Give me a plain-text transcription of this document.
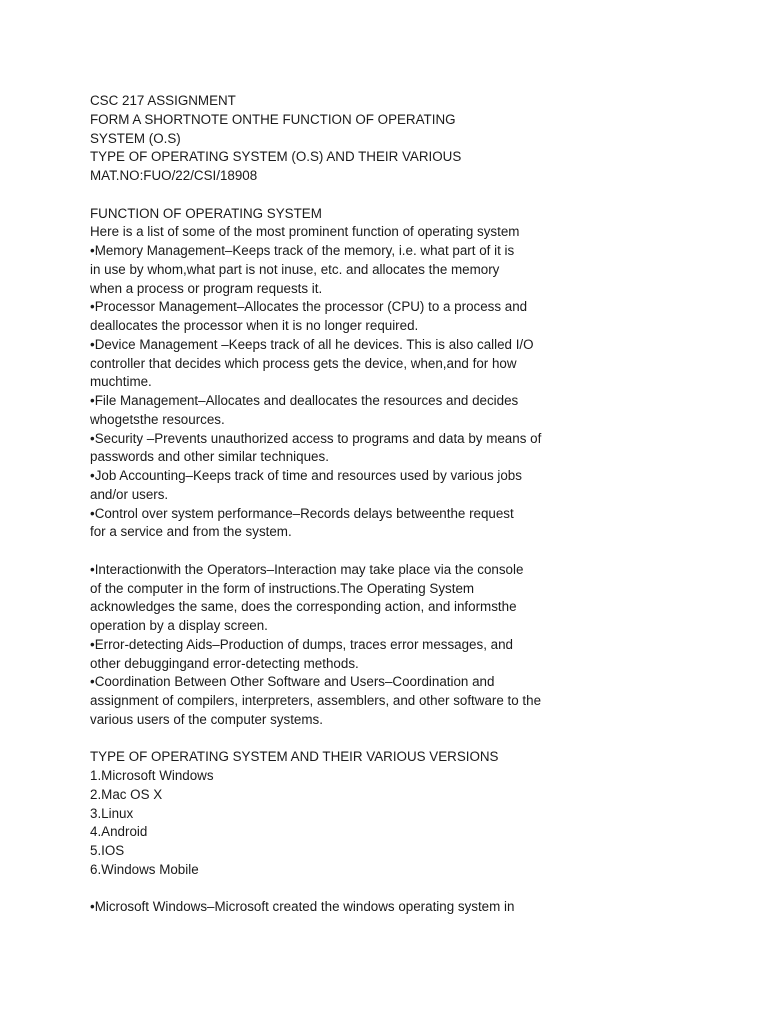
CSC 217 ASSIGNMENT
FORM A SHORTNOTE ONTHE FUNCTION OF OPERATING
SYSTEM (O.S)
TYPE OF OPERATING SYSTEM (O.S) AND THEIR VARIOUS
MAT.NO:FUO/22/CSI/18908
FUNCTION OF OPERATING SYSTEM
Here is a list of some of the most prominent function of operating system
•Memory Management–Keeps track of the memory, i.e. what part of it is
in use by whom,what part is not inuse, etc. and allocates the memory
when a process or program requests it.
•Processor Management–Allocates the processor (CPU) to a process and
deallocates the processor when it is no longer required.
•Device Management –Keeps track of all he devices. This is also called I/O
controller that decides which process gets the device, when,and for how
muchtime.
•File Management–Allocates and deallocates the resources and decides
whogetsthe resources.
•Security –Prevents unauthorized access to programs and data by means of
passwords and other similar techniques.
•Job Accounting–Keeps track of time and resources used by various jobs
and/or users.
•Control over system performance–Records delays betweenthe request
for a service and from the system.
•Interactionwith the Operators–Interaction may take place via the console
of the computer in the form of instructions.The Operating System
acknowledges the same, does the corresponding action, and informsthe
operation by a display screen.
•Error-detecting Aids–Production of dumps, traces error messages, and
other debuggingand error-detecting methods.
•Coordination Between Other Software and Users–Coordination and
assignment of compilers, interpreters, assemblers, and other software to the
various users of the computer systems.
TYPE OF OPERATING SYSTEM AND THEIR VARIOUS VERSIONS
1.Microsoft Windows
2.Mac OS X
3.Linux
4.Android
5.IOS
6.Windows Mobile
•Microsoft Windows–Microsoft created the windows operating system in
